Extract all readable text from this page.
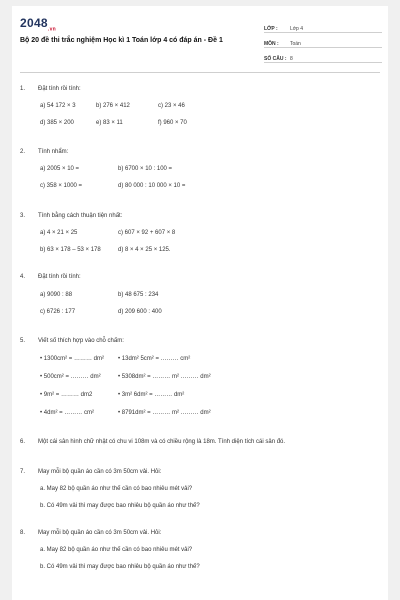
$2048_{.vn}$
Bộ 20 đề thi trắc nghiệm Học kì 1 Toán lớp 4 có đáp án - Đề 1
LỚP :	Lớp 4
MÔN :	Toán
SỐ CÂU : 8
1.	Đặt tính rồi tính:
a) 54 172 × 3	b) 276 × 412	c) 23 × 46
d) 385 × 200	e) 83 × 11	f) 960 × 70
2.	Tính nhẩm:
a) 2005 × 10 =	b) 6700 × 10 : 100 =
c) 358 × 1000 =	d) 80 000 : 10 000 × 10 =
3.	Tính bằng cách thuận tiện nhất:
a) 4 × 21 × 25	c) 607 × 92 + 607 × 8
b) 63 × 178 – 53 × 178	d) 8 × 4 × 25 × 125.
4.	Đặt tính rồi tính:
a) 9090 : 88	b) 48 675 : 234
c) 6726 : 177	d) 209 600 : 400
5.	Viết số thích hợp vào chỗ chấm:
• 1300cm² = ……… dm² • 13dm² 5cm² = ……… cm²
• 500cm² = ……… dm²	• 5308dm² = ……… m² ……… dm²
• 9m² = ……… dm2	• 3m² 6dm² = ……… dm²
• 4dm² = ……… cm²	• 8791dm² = ……… m² ……… dm²
6.	Một cái sân hình chữ nhật có chu vi 108m và có chiều rộng là 18m. Tính diện tích cái sân đó.
7.	May mỗi bộ quần áo cần có 3m 50cm vải. Hỏi:
a. May 82 bộ quần áo như thế cần có bao nhiêu mét vải?
b. Có 49m vải thì may được bao nhiêu bộ quần áo như thế?
8.	May mỗi bộ quần áo cần có 3m 50cm vải. Hỏi:
a. May 82 bộ quần áo như thế cần có bao nhiêu mét vải?
b. Có 49m vải thì may được bao nhiêu bộ quần áo như thế?
